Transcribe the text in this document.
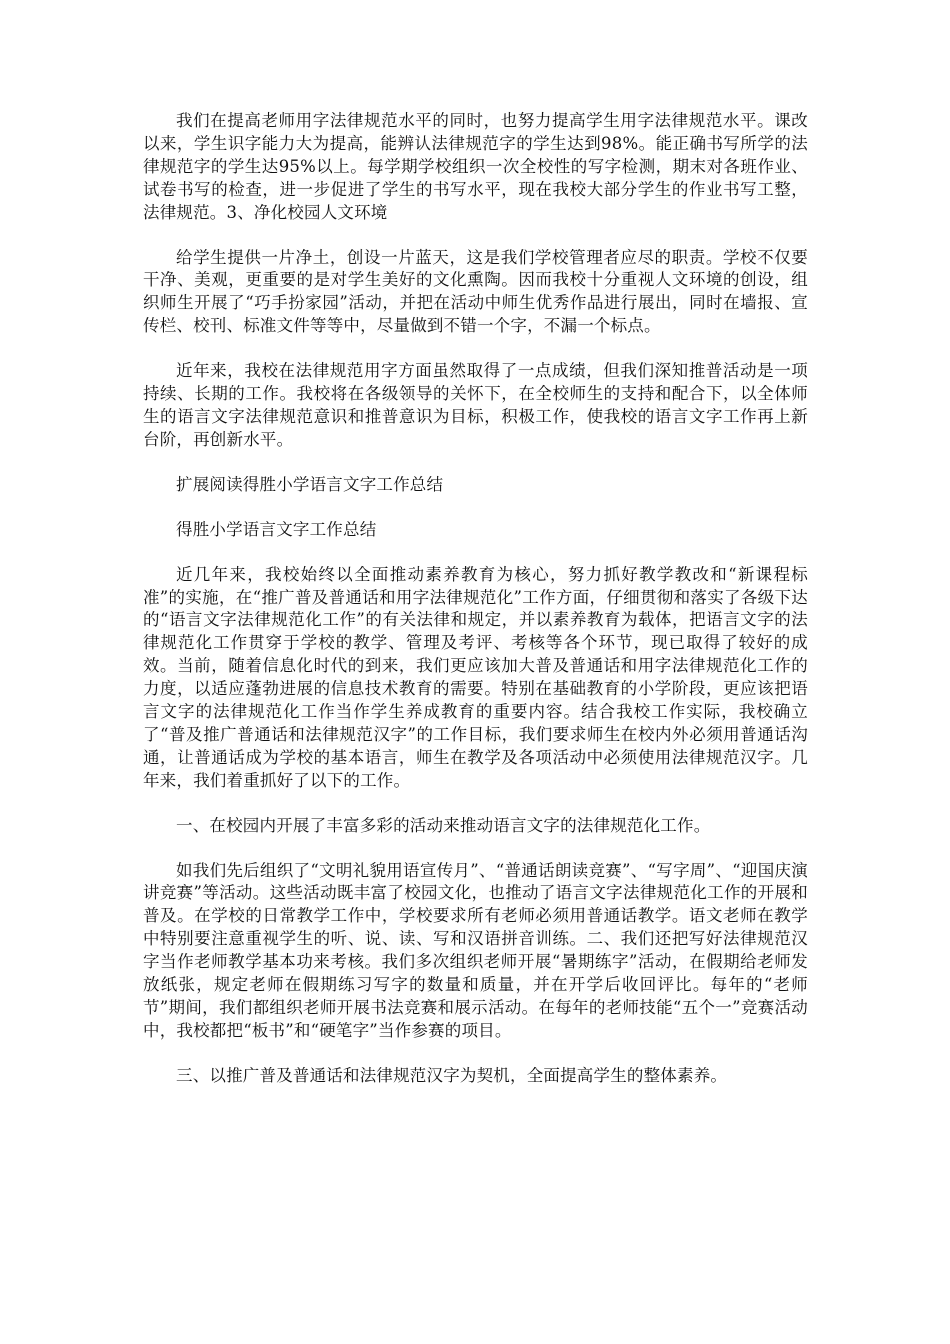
我们在提高老师用字法律规范水平的同时，也努力提高学生用字法律规范水平。课改以来，学生识字能力大为提高，能辨认法律规范字的学生达到98%。能正确书写所学的法律规范字的学生达95%以上。每学期学校组织一次全校性的写字检测，期末对各班作业、试卷书写的检查，进一步促进了学生的书写水平，现在我校大部分学生的作业书写工整，法律规范。3、净化校园人文环境

给学生提供一片净土，创设一片蓝天，这是我们学校管理者应尽的职责。学校不仅要干净、美观，更重要的是对学生美好的文化熏陶。因而我校十分重视人文环境的创设，组织师生开展了“巧手扮家园”活动，并把在活动中师生优秀作品进行展出，同时在墙报、宣传栏、校刊、标准文件等等中，尽量做到不错一个字，不漏一个标点。

近年来，我校在法律规范用字方面虽然取得了一点成绩，但我们深知推普活动是一项持续、长期的工作。我校将在各级领导的关怀下，在全校师生的支持和配合下，以全体师生的语言文字法律规范意识和推普意识为目标，积极工作，使我校的语言文字工作再上新台阶，再创新水平。

扩展阅读得胜小学语言文字工作总结

得胜小学语言文字工作总结

近几年来，我校始终以全面推动素养教育为核心，努力抓好教学教改和“新课程标准”的实施，在“推广普及普通话和用字法律规范化”工作方面，仔细贯彻和落实了各级下达的“语言文字法律规范化工作”的有关法律和规定，并以素养教育为载体，把语言文字的法律规范化工作贯穿于学校的教学、管理及考评、考核等各个环节，现已取得了较好的成效。当前，随着信息化时代的到来，我们更应该加大普及普通话和用字法律规范化工作的力度，以适应蓬勃进展的信息技术教育的需要。特别在基础教育的小学阶段，更应该把语言文字的法律规范化工作当作学生养成教育的重要内容。结合我校工作实际，我校确立了“普及推广普通话和法律规范汉字”的工作目标，我们要求师生在校内外必须用普通话沟通，让普通话成为学校的基本语言，师生在教学及各项活动中必须使用法律规范汉字。几年来，我们着重抓好了以下的工作。

一、在校园内开展了丰富多彩的活动来推动语言文字的法律规范化工作。

如我们先后组织了“文明礼貌用语宣传月”、“普通话朗读竞赛”、“写字周”、“迎国庆演讲竞赛”等活动。这些活动既丰富了校园文化，也推动了语言文字法律规范化工作的开展和普及。在学校的日常教学工作中，学校要求所有老师必须用普通话教学。语文老师在教学中特别要注意重视学生的听、说、读、写和汉语拼音训练。二、我们还把写好法律规范汉字当作老师教学基本功来考核。我们多次组织老师开展“暑期练字”活动，在假期给老师发放纸张，规定老师在假期练习写字的数量和质量，并在开学后收回评比。每年的“老师节”期间，我们都组织老师开展书法竞赛和展示活动。在每年的老师技能“五个一”竞赛活动中，我校都把“板书”和“硬笔字”当作参赛的项目。

三、以推广普及普通话和法律规范汉字为契机，全面提高学生的整体素养。
